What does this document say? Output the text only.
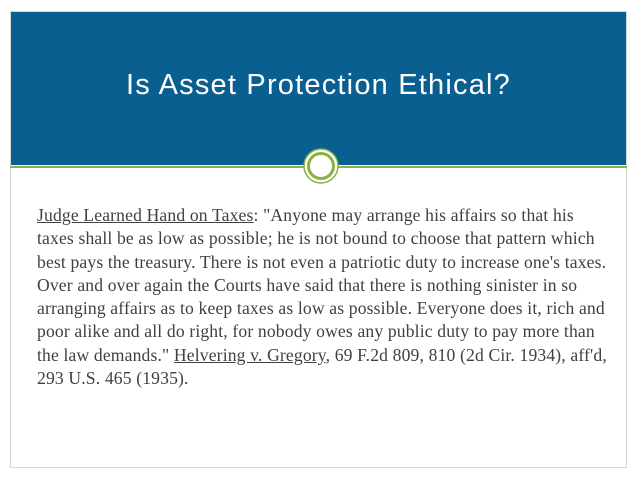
Is Asset Protection Ethical?
Judge Learned Hand on Taxes: "Anyone may arrange his affairs so that his taxes shall be as low as possible; he is not bound to choose that pattern which best pays the treasury. There is not even a patriotic duty to increase one's taxes. Over and over again the Courts have said that there is nothing sinister in so arranging affairs as to keep taxes as low as possible. Everyone does it, rich and poor alike and all do right, for nobody owes any public duty to pay more than the law demands." Helvering v. Gregory, 69 F.2d 809, 810 (2d Cir. 1934), aff'd, 293 U.S. 465 (1935).
